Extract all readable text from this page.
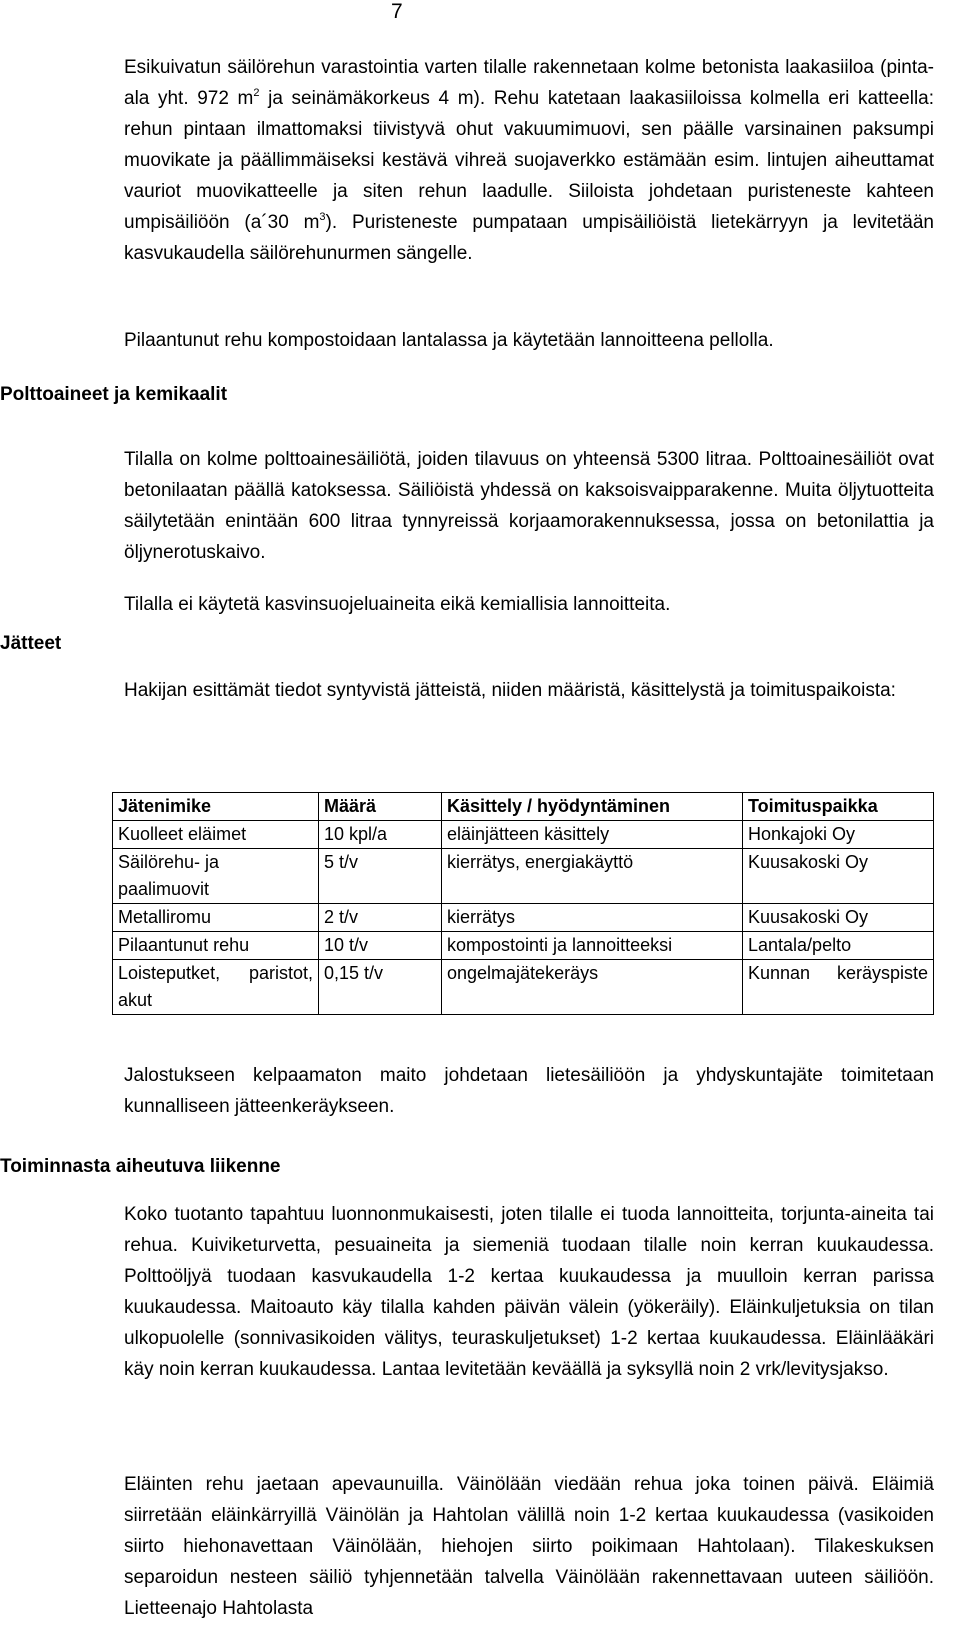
7

Esikuivatun säilörehun varastointia varten tilalle rakennetaan kolme betonista laakasiiloa (pinta-ala yht. 972 $m^2$ ja seinämäkorkeus 4 m). Rehu katetaan laakasiiloissa kolmella eri katteella: rehun pintaan ilmattomaksi tiivistyvä ohut vakuumimuovi, sen päälle varsinainen paksumpi muovikate ja päällimmäiseksi kestävä vihreä suojaverkko estämään esim. lintujen aiheuttamat vauriot muovikatteelle ja siten rehun laadulle. Siiloista johdetaan puristeneste kahteen umpisäiliöön (a´30 $m^3$). Puristeneste pumpataan umpisäiliöistä lietekärryyn ja levitetään kasvukaudella säilörehunurmen sängelle.

Pilaantunut rehu kompostoidaan lantalassa ja käytetään lannoitteena pellolla.

Polttoaineet ja kemikaalit

Tilalla on kolme polttoainesäiliötä, joiden tilavuus on yhteensä 5300 litraa. Polttoainesäiliöt ovat betonilaatan päällä katoksessa. Säiliöistä yhdessä on kaksoisvaipparakenne. Muita öljytuotteita säilytetään enintään 600 litraa tynnyreissä korjaamorakennuksessa, jossa on betonilattia ja öljynerotuskaivo.

Tilalla ei käytetä kasvinsuojeluaineita eikä kemiallisia lannoitteita.

Jätteet

Hakijan esittämät tiedot syntyvistä jätteistä, niiden määristä, käsittelystä ja toimituspaikoista:

Jätenimike	Määrä	Käsittely / hyödyntäminen	Toimituspaikka
Kuolleet eläimet	10 kpl/a	eläinjätteen käsittely	Honkajoki Oy
Säilörehu- ja paalimuovit	5 t/v	kierrätys, energiakäyttö	Kuusakoski Oy
Metalliromu	2 t/v	kierrätys	Kuusakoski Oy
Pilaantunut rehu	10 t/v	kompostointi ja lannoitteeksi	Lantala/pelto
Loisteputket, paristot, akut	0,15 t/v	ongelmajätekeräys	Kunnan keräyspiste

Jalostukseen kelpaamaton maito johdetaan lietesäiliöön ja yhdyskuntajäte toimitetaan kunnalliseen jätteenkeräykseen.

Toiminnasta aiheutuva liikenne

Koko tuotanto tapahtuu luonnonmukaisesti, joten tilalle ei tuoda lannoitteita, torjunta-aineita tai rehua. Kuiviketurvetta, pesuaineita ja siemeniä tuodaan tilalle noin kerran kuukaudessa. Polttoöljyä tuodaan kasvukaudella 1-2 kertaa kuukaudessa ja muulloin kerran parissa kuukaudessa. Maitoauto käy tilalla kahden päivän välein (yökeräily). Eläinkuljetuksia on tilan ulkopuolelle (sonnivasikoiden välitys, teuraskuljetukset) 1-2 kertaa kuukaudessa. Eläinlääkäri käy noin kerran kuukaudessa. Lantaa levitetään keväällä ja syksyllä noin 2 vrk/levitysjakso.

Eläinten rehu jaetaan apevaunuilla. Väinölään viedään rehua joka toinen päivä. Eläimiä siirretään eläinkärryillä Väinölän ja Hahtolan välillä noin 1-2 kertaa kuukaudessa (vasikoiden siirto hiehonavettaan Väinölään, hiehojen siirto poikimaan Hahtolaan). Tilakeskuksen separoidun nesteen säiliö tyhjennetään talvella Väinölään rakennettavaan uuteen säiliöön. Lietteenajo Hahtolasta
